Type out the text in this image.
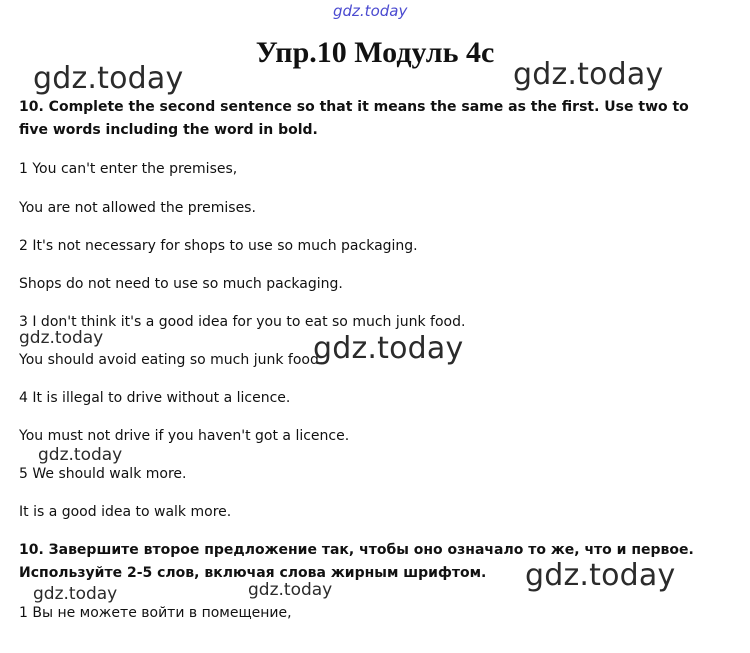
gdz.today
Упр.10 Модуль 4с
gdz.today	gdz.today
10. Complete the second sentence so that it means the same as the first. Use two to five words including the word in bold.
1 You can't enter the premises,
You are not allowed the premises.
2 It's not necessary for shops to use so much packaging.
Shops do not need to use so much packaging.
3 I don't think it's a good idea for you to eat so much junk food.
gdz.today
You should avoid eating so much junk food.
gdz.today
4 It is illegal to drive without a licence.
You must not drive if you haven't got a licence.
gdz.today
5 We should walk more.
It is a good idea to walk more.
10. Завершите второе предложение так, чтобы оно означало то же, что и первое. Используйте 2-5 слов, включая слова жирным шрифтом.	gdz.today
gdz.today	gdz.today
1 Вы не можете войти в помещение,
